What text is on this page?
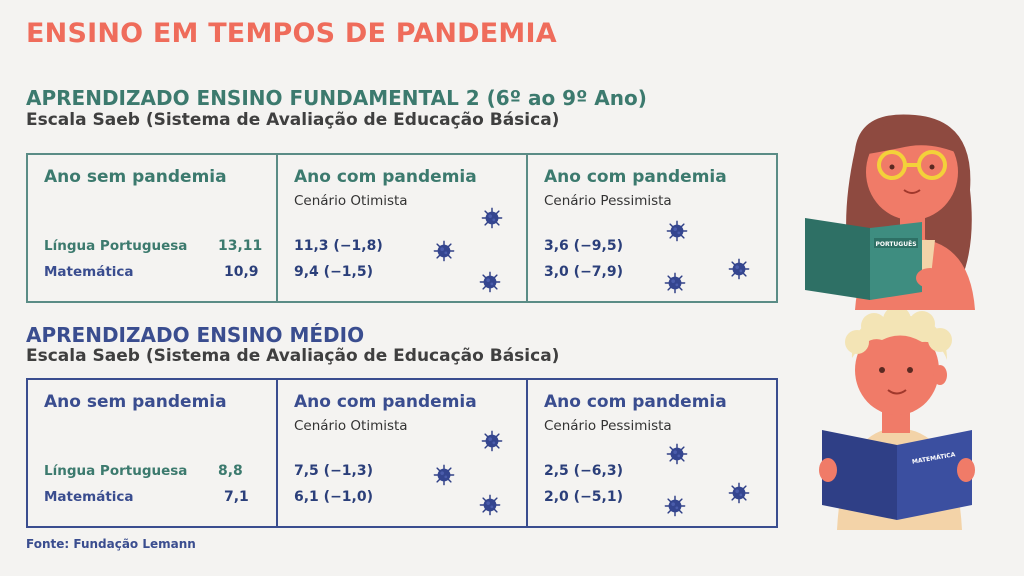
ENSINO EM TEMPOS DE PANDEMIA
APRENDIZADO ENSINO FUNDAMENTAL 2 (6º ao 9º Ano)
Escala Saeb (Sistema de Avaliação de Educação Básica)
Ano sem pandemia
Língua Portuguesa 13,11
Matemática	10,9
Ano com pandemia
Cenário Otimista
11,3 (−1,8)
9,4 (−1,5)
Ano com pandemia
Cenário Pessimista
3,6 (−9,5)
3,0 (−7,9)
APRENDIZADO ENSINO MÉDIO
Escala Saeb (Sistema de Avaliação de Educação Básica)
Ano sem pandemia
Língua Portuguesa 8,8
Matemática	7,1
Ano com pandemia
Cenário Otimista
7,5 (−1,3)
6,1 (−1,0)
Ano com pandemia
Cenário Pessimista
2,5 (−6,3)
2,0 (−5,1)
Fonte: Fundação Lemann
PORTUGUÊS
MATEMÁTICA
